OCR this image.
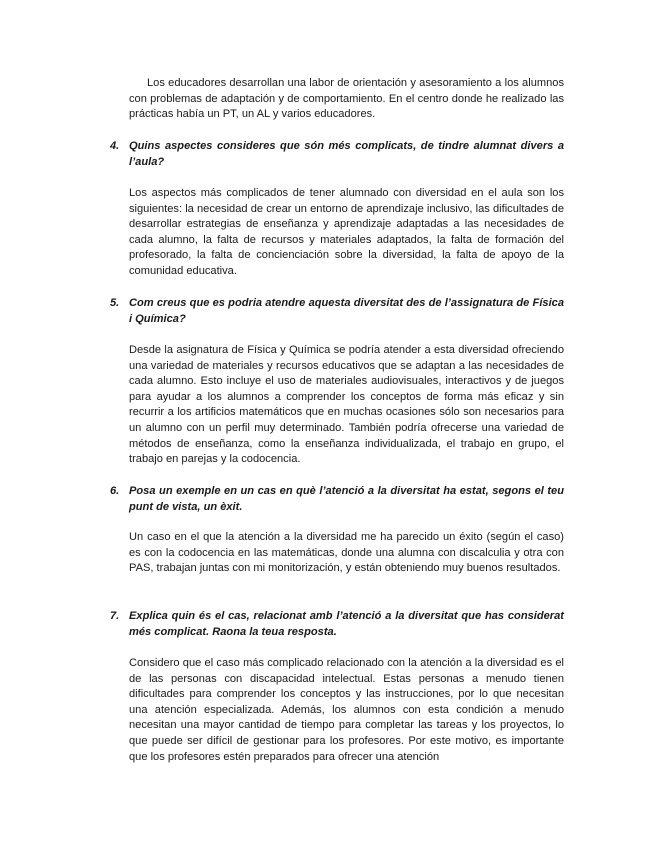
Los educadores desarrollan una labor de orientación y asesoramiento a los alumnos con problemas de adaptación y de comportamiento. En el centro donde he realizado las prácticas había un PT, un AL y varios educadores.

4. Quins aspectes consideres que són més complicats, de tindre alumnat divers a l’aula?

Los aspectos más complicados de tener alumnado con diversidad en el aula son los siguientes: la necesidad de crear un entorno de aprendizaje inclusivo, las dificultades de desarrollar estrategias de enseñanza y aprendizaje adaptadas a las necesidades de cada alumno, la falta de recursos y materiales adaptados, la falta de formación del profesorado, la falta de concienciación sobre la diversidad, la falta de apoyo de la comunidad educativa.

5. Com creus que es podria atendre aquesta diversitat des de l’assignatura de Física i Química?

Desde la asignatura de Física y Química se podría atender a esta diversidad ofreciendo una variedad de materiales y recursos educativos que se adaptan a las necesidades de cada alumno. Esto incluye el uso de materiales audiovisuales, interactivos y de juegos para ayudar a los alumnos a comprender los conceptos de forma más eficaz y sin recurrir a los artificios matemáticos que en muchas ocasiones sólo son necesarios para un alumno con un perfil muy determinado. También podría ofrecerse una variedad de métodos de enseñanza, como la enseñanza individualizada, el trabajo en grupo, el trabajo en parejas y la codocencia.

6. Posa un exemple en un cas en què l’atenció a la diversitat ha estat, segons el teu punt de vista, un èxit.

Un caso en el que la atención a la diversidad me ha parecido un éxito (según el caso) es con la codocencia en las matemáticas, donde una alumna con discalculia y otra con PAS, trabajan juntas con mi monitorización, y están obteniendo muy buenos resultados.

7. Explica quin és el cas, relacionat amb l’atenció a la diversitat que has considerat més complicat. Raona la teua resposta.

Considero que el caso más complicado relacionado con la atención a la diversidad es el de las personas con discapacidad intelectual. Estas personas a menudo tienen dificultades para comprender los conceptos y las instrucciones, por lo que necesitan una atención especializada. Además, los alumnos con esta condición a menudo necesitan una mayor cantidad de tiempo para completar las tareas y los proyectos, lo que puede ser difícil de gestionar para los profesores. Por este motivo, es importante que los profesores estén preparados para ofrecer una atención
